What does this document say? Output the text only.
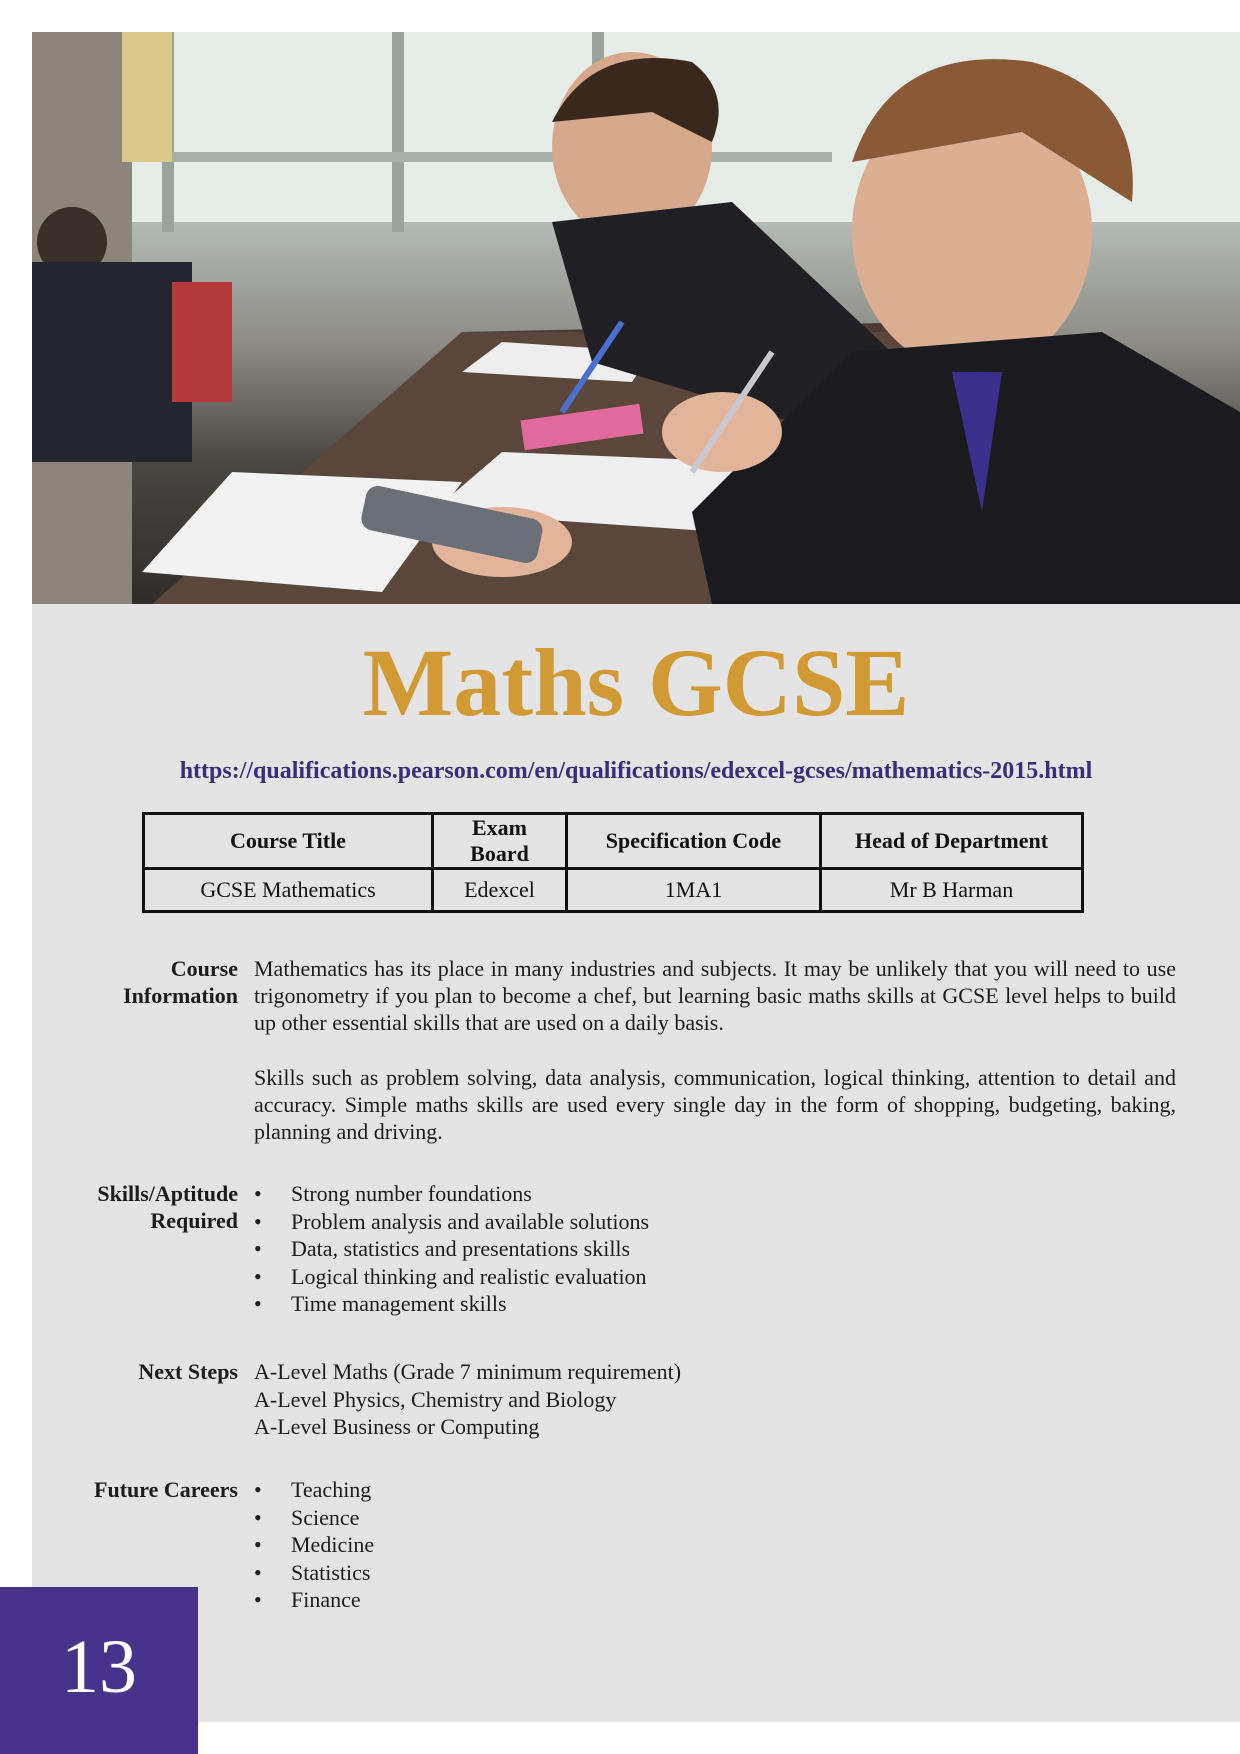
Maths GCSE
https://qualifications.pearson.com/en/qualifications/edexcel-gcses/mathematics-2015.html
Course Title	Exam Board	Specification Code	Head of Department
GCSE Mathematics	Edexcel	1MA1	Mr B Harman
Course
Information

Mathematics has its place in many industries and subjects. It may be unlikely that you will need to use trigonometry if you plan to become a chef, but learning basic maths skills at GCSE level helps to build up other essential skills that are used on a daily basis.

Skills such as problem solving, data analysis, communication, logical thinking, attention to detail and accuracy. Simple maths skills are used every single day in the form of shopping, budgeting, baking, planning and driving.

Skills/Aptitude
Required
• Strong number foundations
• Problem analysis and available solutions
• Data, statistics and presentations skills
• Logical thinking and realistic evaluation
• Time management skills
Next Steps A-Level Maths (Grade 7 minimum requirement)
A-Level Physics, Chemistry and Biology
A-Level Business or Computing
Future Careers • Teaching
• Science
• Medicine
• Statistics
• Finance
13
